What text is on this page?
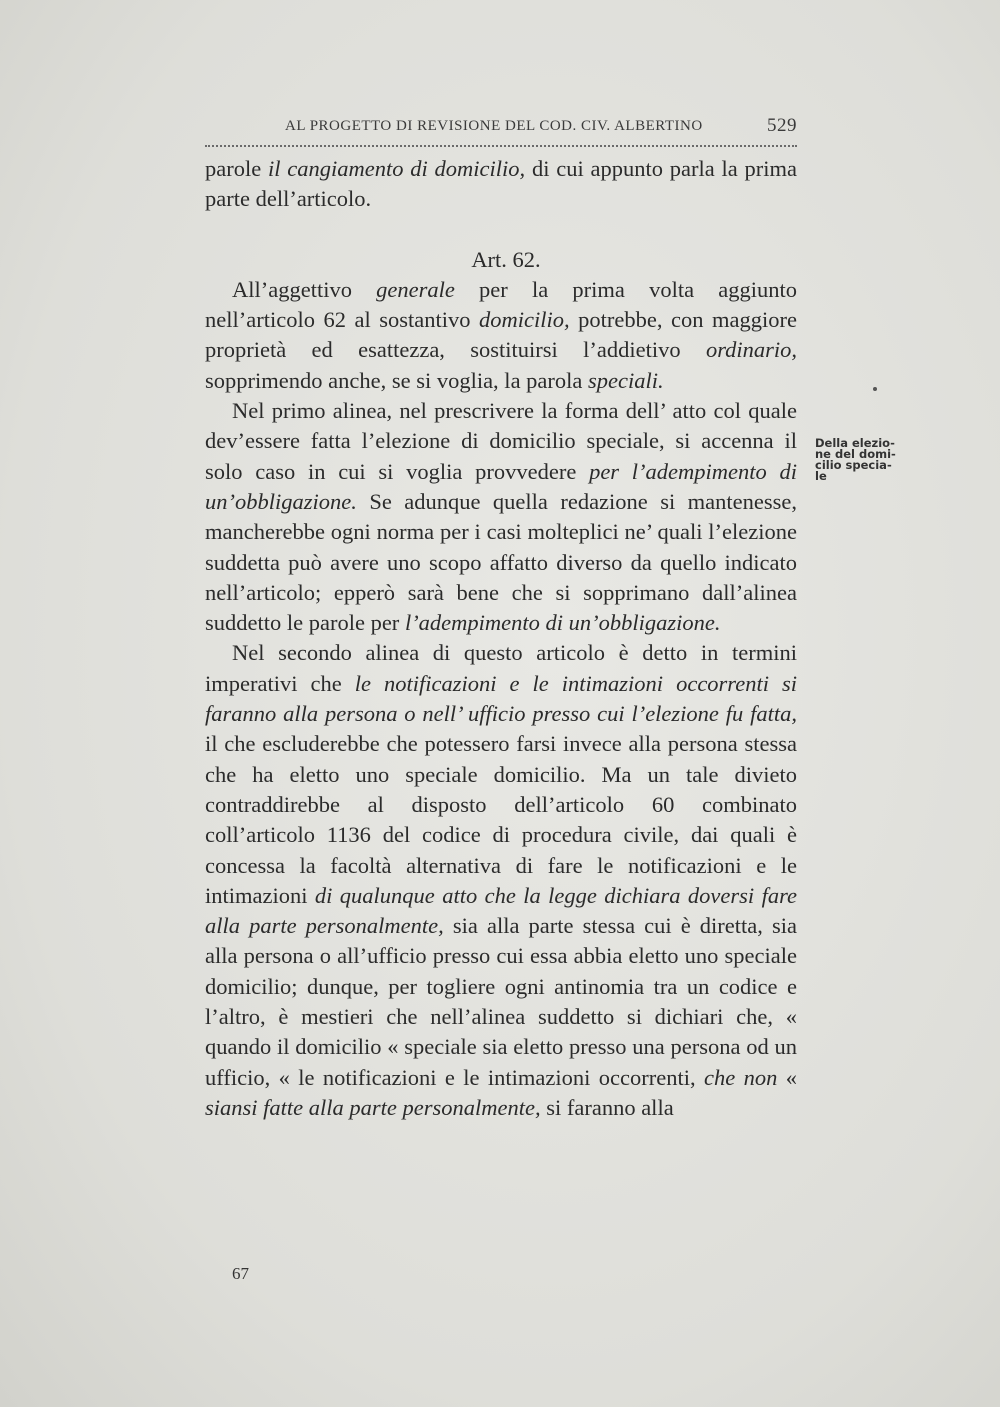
AL PROGETTO DI REVISIONE DEL COD. CIV. ALBERTINO	529

parole il cangiamento di domicilio, di cui appunto parla la prima parte dell’articolo.

Art. 62.

All’aggettivo generale per la prima volta aggiunto nell’articolo 62 al sostantivo domicilio, potrebbe, con maggiore proprietà ed esattezza, sostituirsi l’addietivo ordinario, sopprimendo anche, se si voglia, la parola speciali.

Nel primo alinea, nel prescrivere la forma dell’ atto col quale dev’essere fatta l’elezione di domicilio speciale, si accenna il solo caso in cui si voglia provvedere per l’adempimento di un’obbligazione. Se adunque quella redazione si mantenesse, mancherebbe ogni norma per i casi molteplici ne’ quali l’elezione suddetta può avere uno scopo affatto diverso da quello indicato nell’articolo; epperò sarà bene che si sopprimano dall’alinea suddetto le parole per l’adempimento di un’obbligazione.

Nel secondo alinea di questo articolo è detto in termini imperativi che le notificazioni e le intimazioni occorrenti si faranno alla persona o nell’ ufficio presso cui l’elezione fu fatta, il che escluderebbe che potessero farsi invece alla persona stessa che ha eletto uno speciale domicilio. Ma un tale divieto contraddirebbe al disposto dell’articolo 60 combinato coll’articolo 1136 del codice di procedura civile, dai quali è concessa la facoltà alternativa di fare le notificazioni e le intimazioni di qualunque atto che la legge dichiara doversi fare alla parte personalmente, sia alla parte stessa cui è diretta, sia alla persona o all’ufficio presso cui essa abbia eletto uno speciale domicilio; dunque, per togliere ogni antinomia tra un codice e l’altro, è mestieri che nell’alinea suddetto si dichiari che, « quando il domicilio « speciale sia eletto presso una persona od un ufficio, « le notificazioni e le intimazioni occorrenti, che non « siansi fatte alla parte personalmente, si faranno alla

Della elezio-
ne del domi-
cilio specia-
le
67
